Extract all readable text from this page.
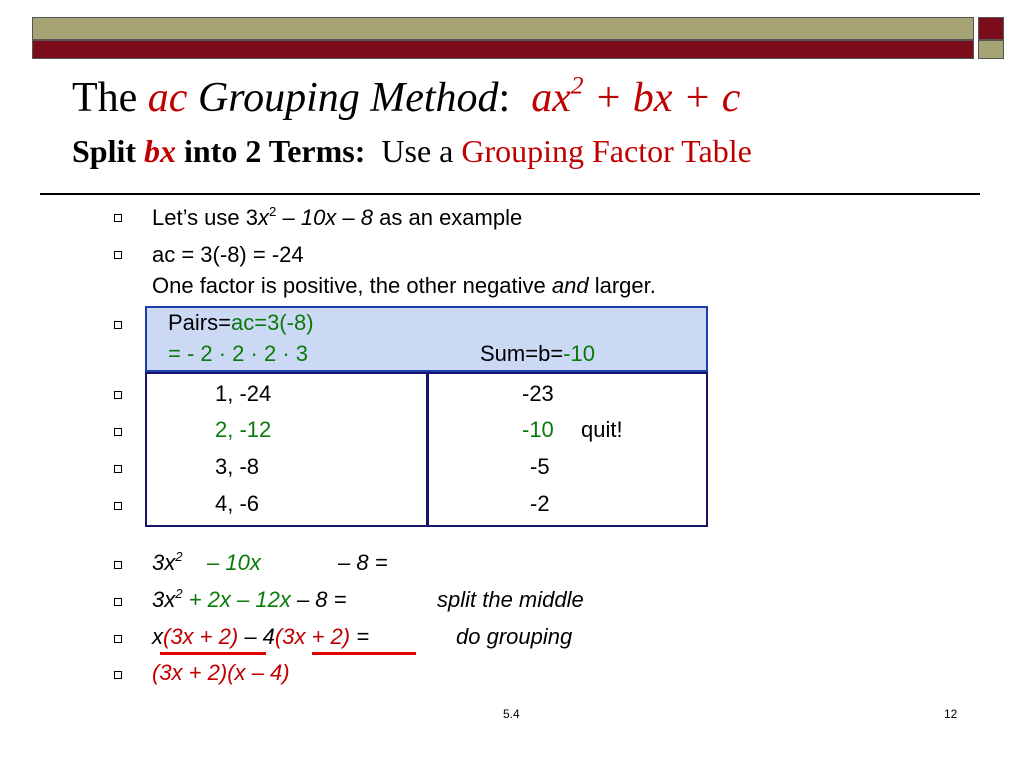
The ac Grouping Method: $ax^2$ + bx + c
Split bx into 2 Terms: Use a Grouping Factor Table
Let’s use $3x^2 - 10x - 8$ as an example
ac = 3(-8) = -24
One factor is positive, the other negative and larger.
Pairs=ac=3(-8)
= - 2 · 2 · 2 · 3	Sum=b=-10
1, -24	-23
2, -12	-10 quit!
3, -8	-5
4, -6	-2
$3x^2 - 10x$	– 8 =
$3x^2 + 2x - 12x - 8$ =	split the middle
x(3x + 2) – 4(3x + 2) =	do grouping
(3x + 2)(x – 4)
5.4	12
